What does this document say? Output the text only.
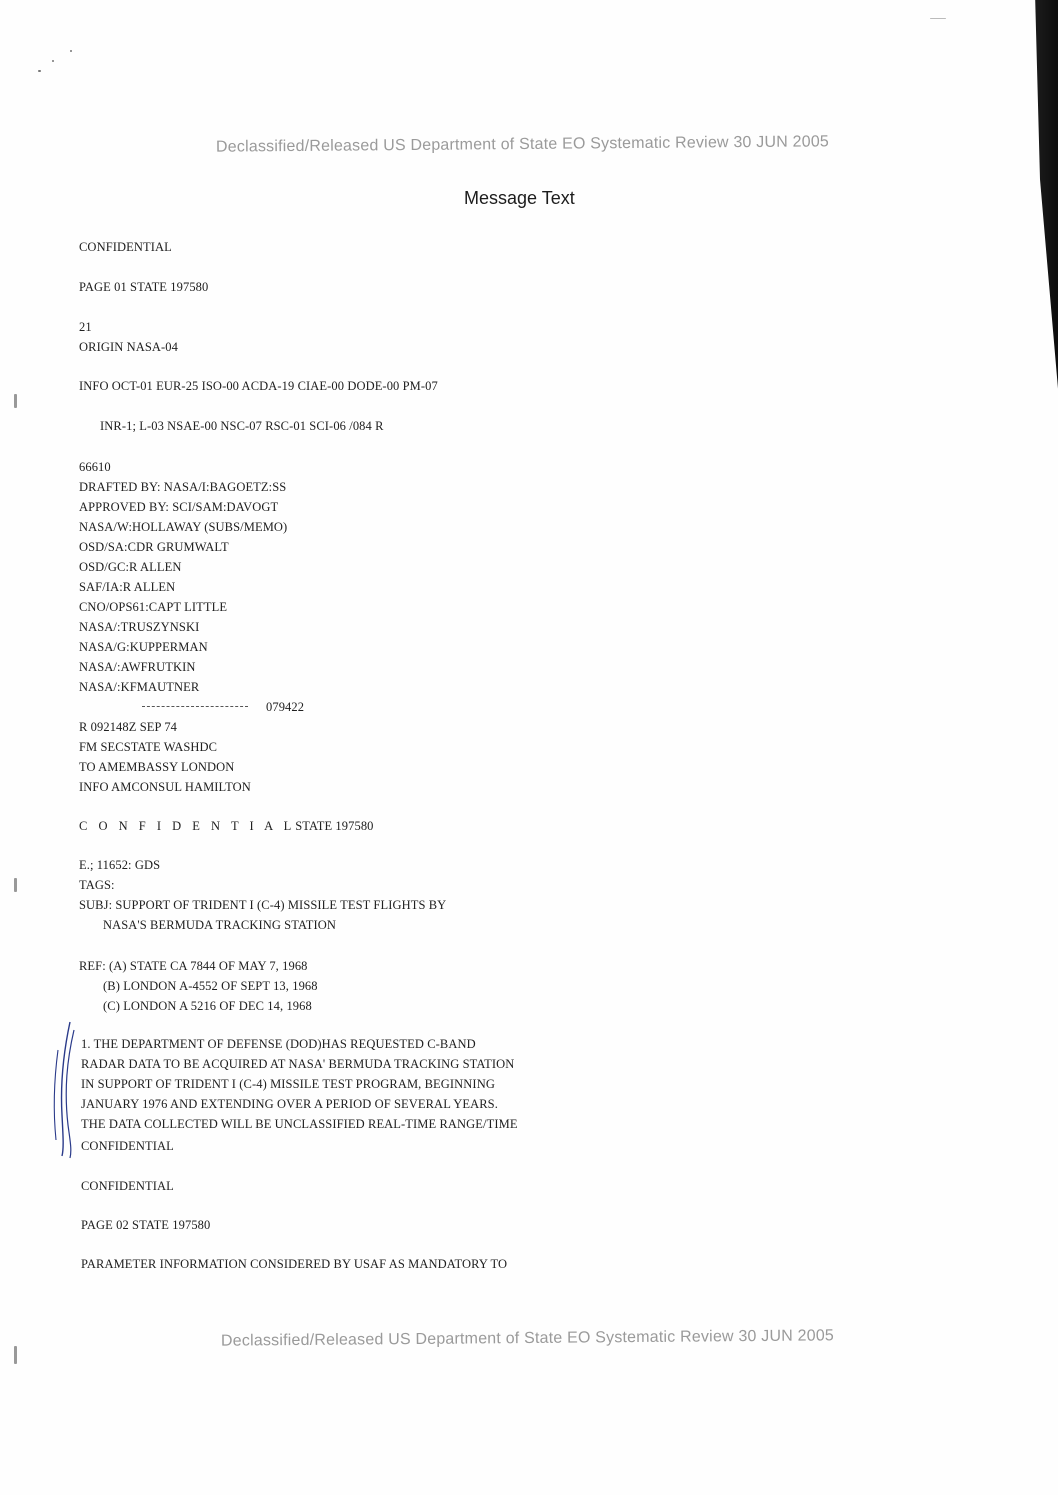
Declassified/Released US Department of State EO Systematic Review 30 JUN 2005
Message Text
CONFIDENTIAL
PAGE 01 STATE 197580
21
ORIGIN NASA-04
INFO OCT-01 EUR-25 ISO-00 ACDA-19 CIAE-00 DODE-00 PM-07
INR-1; L-03 NSAE-00 NSC-07 RSC-01 SCI-06 /084 R
66610
DRAFTED BY: NASA/I:BAGOETZ:SS
APPROVED BY: SCI/SAM:DAVOGT
NASA/W:HOLLAWAY (SUBS/MEMO)
OSD/SA:CDR GRUMWALT
OSD/GC:R ALLEN
SAF/IA:R ALLEN
CNO/OPS61:CAPT LITTLE
NASA/:TRUSZYNSKI
NASA/G:KUPPERMAN
NASA/:AWFRUTKIN
NASA/:KFMAUTNER
079422
R 092148Z SEP 74
FM SECSTATE WASHDC
TO AMEMBASSY LONDON
INFO AMCONSUL HAMILTON
C O N F I D E N T I A LSTATE 197580
E.; 11652: GDS
TAGS:
SUBJ: SUPPORT OF TRIDENT I (C-4) MISSILE TEST FLIGHTS BY
NASA'S BERMUDA TRACKING STATION
REF: (A) STATE CA 7844 OF MAY 7, 1968
(B) LONDON A-4552 OF SEPT 13, 1968
(C) LONDON A 5216 OF DEC 14, 1968
1. THE DEPARTMENT OF DEFENSE (DOD)HAS REQUESTED C-BAND
RADAR DATA TO BE ACQUIRED AT NASA' BERMUDA TRACKING STATION
IN SUPPORT OF TRIDENT I (C-4) MISSILE TEST PROGRAM, BEGINNING
JANUARY 1976 AND EXTENDING OVER A PERIOD OF SEVERAL YEARS.
THE DATA COLLECTED WILL BE UNCLASSIFIED REAL-TIME RANGE/TIME
CONFIDENTIAL
CONFIDENTIAL
PAGE 02 STATE 197580
PARAMETER INFORMATION CONSIDERED BY USAF AS MANDATORY TO
Declassified/Released US Department of State EO Systematic Review 30 JUN 2005
